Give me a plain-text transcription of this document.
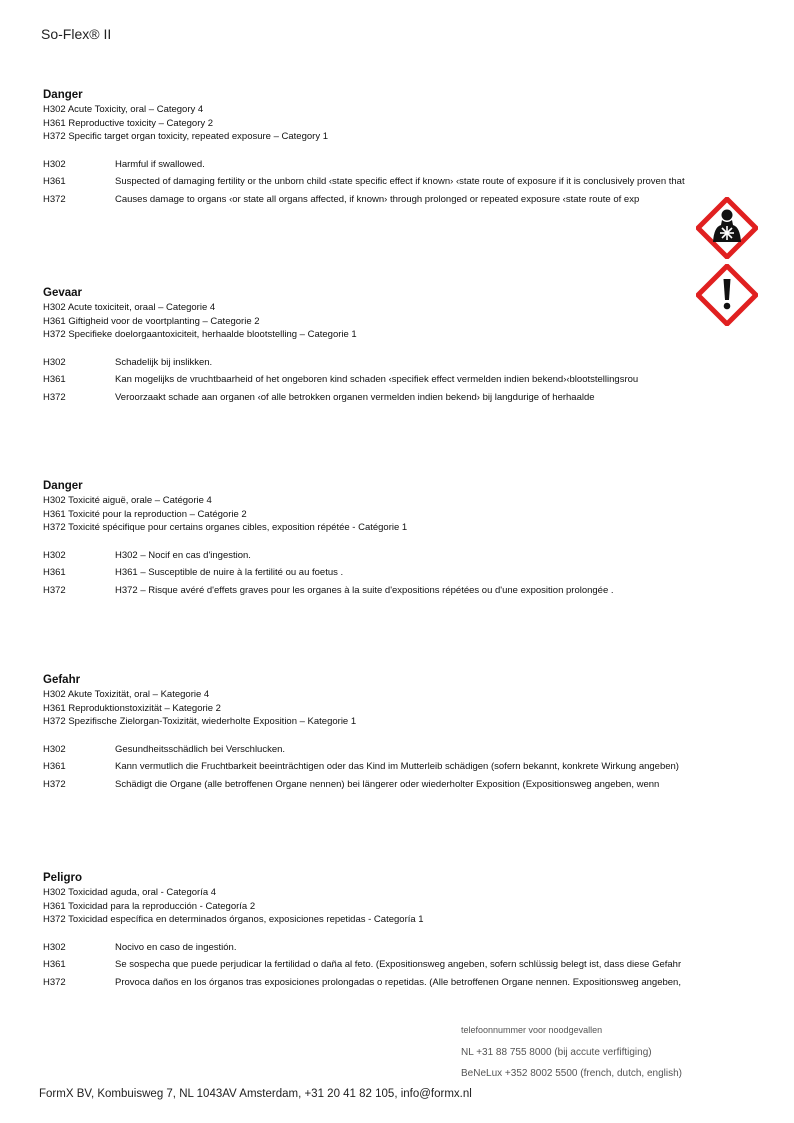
So-Flex® II
Danger
H302 Acute Toxicity, oral – Category 4
H361 Reproductive toxicity – Category 2
H372 Specific target organ toxicity, repeated exposure – Category 1
H302	Harmful if swallowed.
H361	Suspected of damaging fertility or the unborn child ‹state specific effect if known› ‹state route of exposure if it is conclusively proven that
H372	Causes damage to organs ‹or state all organs affected, if known› through prolonged or repeated exposure ‹state route of exp
Gevaar
H302 Acute toxiciteit, oraal – Categorie 4
H361 Giftigheid voor de voortplanting – Categorie 2
H372 Specifieke doelorgaantoxiciteit, herhaalde blootstelling – Categorie 1
H302	Schadelijk bij inslikken.
H361	Kan mogelijks de vruchtbaarheid of het ongeboren kind schaden ‹specifiek effect vermelden indien bekend›‹blootstellingsrou
H372	Veroorzaakt schade aan organen ‹of alle betrokken organen vermelden indien bekend› bij langdurige of herhaalde
Danger
H302 Toxicité aiguë, orale – Catégorie 4
H361 Toxicité pour la reproduction – Catégorie 2
H372 Toxicité spécifique pour certains organes cibles, exposition répétée - Catégorie 1
H302	H302 – Nocif en cas d'ingestion.
H361	H361 – Susceptible de nuire à la fertilité ou au foetus .
H372	H372 – Risque avéré d'effets graves pour les organes à la suite d'expositions répétées ou d'une exposition prolongée .
Gefahr
H302 Akute Toxizität, oral – Kategorie 4
H361 Reproduktionstoxizität – Kategorie 2
H372 Spezifische Zielorgan-Toxizität, wiederholte Exposition – Kategorie 1
H302	Gesundheitsschädlich bei Verschlucken.
H361	Kann vermutlich die Fruchtbarkeit beeinträchtigen oder das Kind im Mutterleib schädigen (sofern bekannt, konkrete Wirkung angeben)
H372	Schädigt die Organe (alle betroffenen Organe nennen) bei längerer oder wiederholter Exposition (Expositionsweg angeben, wenn
Peligro
H302 Toxicidad aguda, oral - Categoría 4
H361 Toxicidad para la reproducción - Categoría 2
H372 Toxicidad específica en determinados órganos, exposiciones repetidas - Categoría 1
H302	Nocivo en caso de ingestión.
H361	Se sospecha que puede perjudicar la fertilidad o daña al feto. (Expositionsweg angeben, sofern schlüssig belegt ist, dass diese Gefahr
H372	Provoca daños en los órganos tras exposiciones prolongadas o repetidas. (Alle betroffenen Organe nennen. Expositionsweg angeben,
telefoonnummer voor noodgevallen
NL +31 88 755 8000 (bij accute verfiftiging)
BeNeLux +352 8002 5500 (french, dutch, english)
FormX BV, Kombuisweg 7, NL 1043AV Amsterdam, +31 20 41 82 105, info@formx.nl
